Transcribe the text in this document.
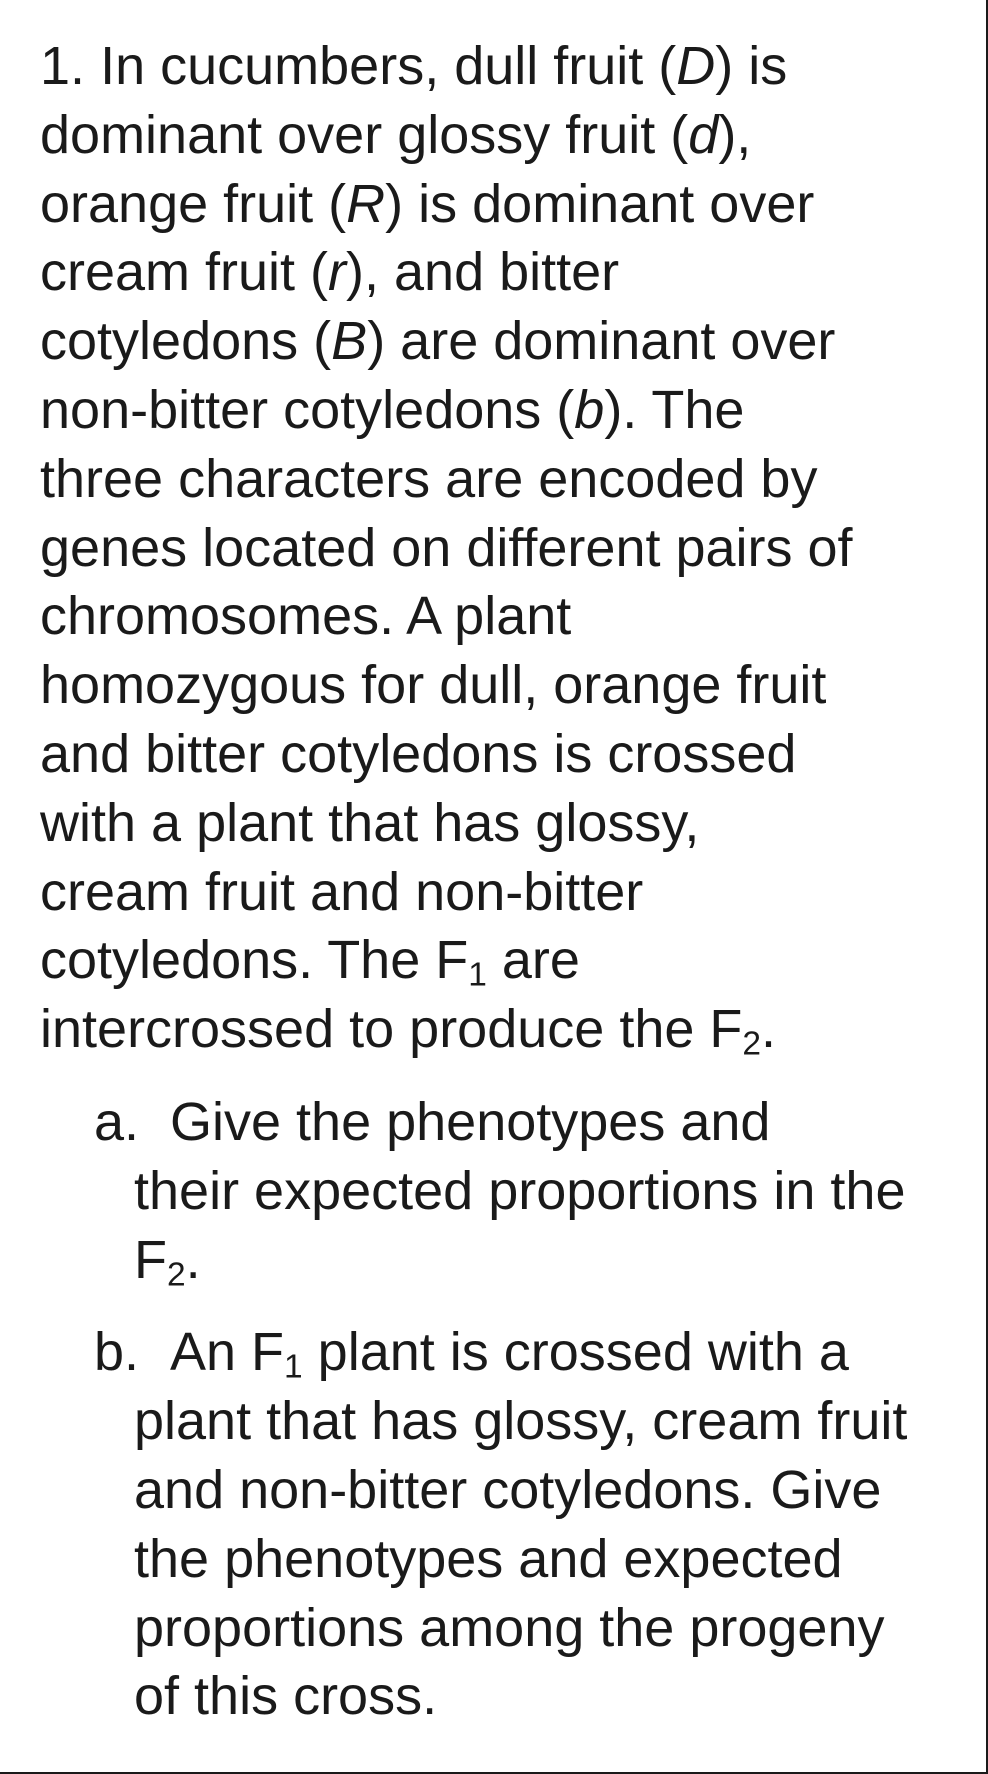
1. In cucumbers, dull fruit (D) is
dominant over glossy fruit (d),
orange fruit (R) is dominant over
cream fruit (r), and bitter
cotyledons (B) are dominant over
non-bitter cotyledons (b). The
three characters are encoded by
genes located on different pairs of
chromosomes. A plant
homozygous for dull, orange fruit
and bitter cotyledons is crossed
with a plant that has glossy,
cream fruit and non-bitter
cotyledons. The $F_1$ are
intercrossed to produce the $F_2$.
a. Give the phenotypes and
their expected proportions in the
$F_2$.
b. An $F_1$ plant is crossed with a
plant that has glossy, cream fruit
and non-bitter cotyledons. Give
the phenotypes and expected
proportions among the progeny
of this cross.
